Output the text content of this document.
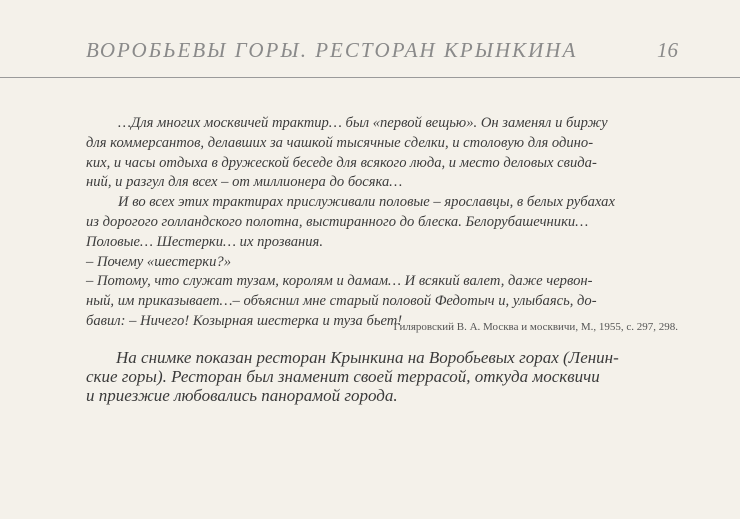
ВОРОБЬЕВЫ ГОРЫ. РЕСТОРАН КРЫНКИНА	16
…Для многих москвичей трактир… был «первой вещью». Он заменял и биржу
для коммерсантов, делавших за чашкой тысячные сделки, и столовую для одино-
ких, и часы отдыха в дружеской беседе для всякого люда, и место деловых свида-
ний, и разгул для всех – от миллионера до босяка…
И во всех этих трактирах прислуживали половые – ярославцы, в белых рубахах
из дорогого голландского полотна, выстиранного до блеска. Белорубашечники…
Половые… Шестерки… их прозвания.
– Почему «шестерки?»
– Потому, что служат тузам, королям и дамам… И всякий валет, даже червон-
ный, им приказывает…– объяснил мне старый половой Федотыч и, улыбаясь, до-
бавил: – Ничего! Козырная шестерка и туза бьет!
Гиляровский В. А. Москва и москвичи, М., 1955, с. 297, 298.
На снимке показан ресторан Крынкина на Воробьевых горах (Ленин-
ские горы). Ресторан был знаменит своей террасой, откуда москвичи
и приезжие любовались панорамой города.
